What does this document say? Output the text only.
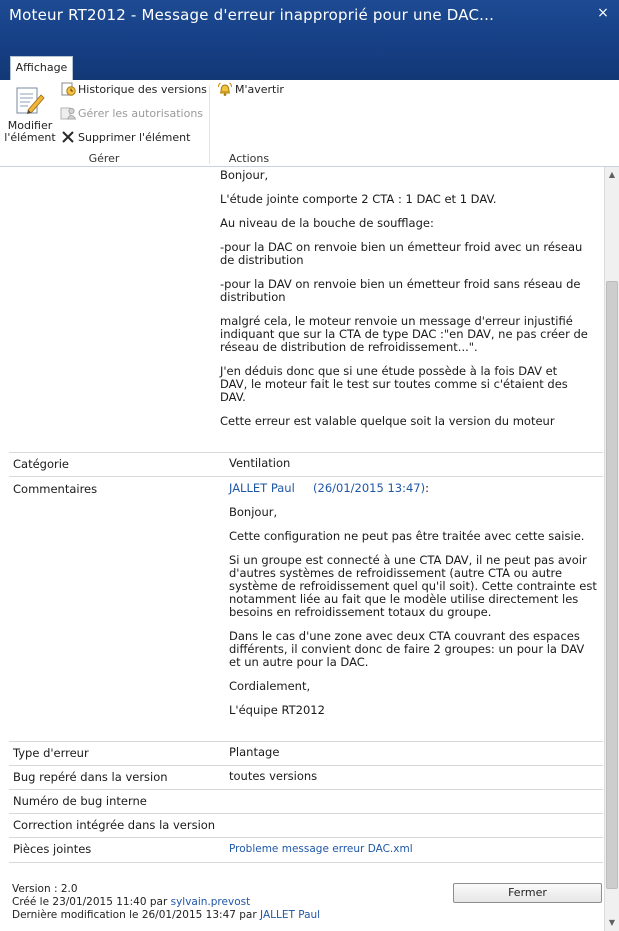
Moteur RT2012 - Message d'erreur inapproprié pour une DAC...	×
Affichage
Modifier
l'élément
Historique des versions
Gérer les autorisations
Supprimer l'élément
M'avertir
Gérer	Actions

Bonjour,

L'étude jointe comporte 2 CTA : 1 DAC et 1 DAV.

Au niveau de la bouche de soufflage:

-pour la DAC on renvoie bien un émetteur froid avec un réseau de distribution

-pour la DAV on renvoie bien un émetteur froid sans réseau de distribution

malgré cela, le moteur renvoie un message d'erreur injustifié indiquant que sur la CTA de type DAC :"en DAV, ne pas créer de réseau de distribution de refroidissement...".

J'en déduis donc que si une étude possède à la fois DAV et DAV, le moteur fait le test sur toutes comme si c'étaient des DAV.

Cette erreur est valable quelque soit la version du moteur

Catégorie	Ventilation
Commentaires	JALLET Paul (26/01/2015 13:47):

Bonjour,

Cette configuration ne peut pas être traitée avec cette saisie.

Si un groupe est connecté à une CTA DAV, il ne peut pas avoir d'autres systèmes de refroidissement (autre CTA ou autre système de refroidissement quel qu'il soit). Cette contrainte est notamment liée au fait que le modèle utilise directement les besoins en refroidissement totaux du groupe.

Dans le cas d'une zone avec deux CTA couvrant des espaces différents, il convient donc de faire 2 groupes: un pour la DAV et un autre pour la DAC.

Cordialement,

L'équipe RT2012

Type d'erreur	Plantage
Bug repéré dans la version	toutes versions
Numéro de bug interne
Correction intégrée dans la version
Pièces jointes	Probleme message erreur DAC.xml
Version : 2.0
Créé le 23/01/2015 11:40 par sylvain.prevost
Dernière modification le 26/01/2015 13:47 par JALLET Paul
Fermer
▲
▼
